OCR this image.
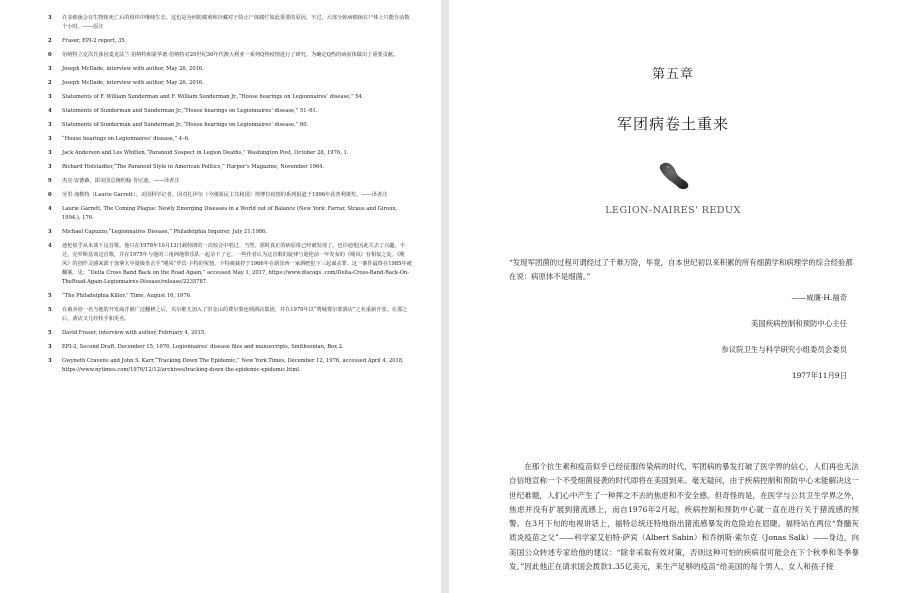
3	许多细菌会在生物体死亡后的组织中继续生长。这也是为何防腐剂和冷藏对于防止尸体腐烂如此重要的原因。不过，大部分致病细菌在尸体上只能存活数个小时。——原注
2	Fraser, EPI-2 report, 35.
0	伯纳特立克次氏体因麦克法兰·伯纳特和霍华德·伯纳特对20世纪30年代澳大利亚一系列Q热疫情进行了研究。为确定Q热的病原体做出了重要贡献。
3	Joseph McDade, interview with author, May 26, 2016.
2	Joseph McDade, interview with author, May 26, 2016.
3	Statements of F. William Sunderman and F. William Sunderman Jr.,“House hearings on Legionnaires’ disease,” 54.
4	Statements of Sunderman and Sunderman Jr.,“House hearings on Legionnaires’ disease,” 51–61.
3	Statements of Sunderman and Sunderman Jr.,“House hearings on Legionnaires’ disease,” 60.
3	“House hearings on Legionnaires’ disease,” 4–6.
3	Jack Anderson and Les Whitten,“Paranoid Suspect in Legion Deaths,” Washington Post, October 28, 1976, 1.
3	Richard Hofstadter,“The Paranoid Style in American Politics,” Harper’s Magazine, November 1964.
9	杰克·安德森，即美国总统约翰·肯尼迪。——译者注
0	劳里·加勒特（Laurie Garrett），美国科学记者。因对扎伊尔（今刚果民主共和国）埃博拉疫情的系列报道于1996年获普利策奖。——译者注
4	Laurie Garrett, The Coming Plague: Newly Emerging Diseases in a World out of Balance (New York: Farrar, Straus and Giroux, 1994.), 176.
3	Michael Capuzzo,“Legionnaires Disease,” Philadelphia Inquirer, July 21,1986.
4	迪伦似乎从未谈下这首歌。他只在1978年10月13日载特朗的一次校音中唱过。当然，那时真正的病原体已经被发现了。也许迪伦因此失去了兴趣。不过，克罗斯基欢这首歌，并在1975年与他的三角洲地带乐队一起录下了它。一些作者认为这首歌的旋律与迪伦前一年发布的《飓风》有相似之处。《飓风》的创作灵感来源于加拿大中量级拳击手“飓风”罗宾·卡特的冤情。卡特被裁控于1966年在新泽西一家酒吧犯下三起谋杀罪。这一案件最终在1985年被翻案。见：“Delta Cross Band Back on the Road Again,” accessed May 1, 2017, https://www.discogs .com/Delta-Cross-Band-Back-On-TheRoad-Again-Legionnaires-Disease/release/2235787.
5	“The Philadelphia Killer,” Time, August 16, 1976.
5	在被卖给一名当地的开发商并被广泛翻修之后，贝尔维尤加入了旧金山的费尔蒙连锁酒店集团，并在1979年以“费城费尔蒙酒店”之名重新开张。在那之后，酒店又几经转手和更名。
5	David Fraser, interview with author, February 4, 2015.
3	EPI-2, Second Draft, December 15, 1976, Legionnaires’ disease files and manuscripts, Smithsonian, Box 2.
3	Gwyneth Cravens and John S. Karr,“Tracking Down The Epidemic,” New York Times, December 12, 1976, accessed April 4, 2018, https://www.nytimes.com/1976/12/12/archives/tracking-down-the-epidemic-epidemic.html.
第五章
军团病卷土重来
LEGION-NAIRES' REDUX
“发现军团菌的过程可谓经过了千难万险，毕竟，自本世纪初以来积累的所有细菌学和病理学的综合经验都在说：病原体不是细菌。”
——威廉·H.福奇
美国疾病控制和预防中心主任
参议院卫生与科学研究小组委员会委员
1977年11月9日
在那个抗生素和疫苗似乎已经征服传染病的时代，军团病的暴发打破了医学界的信心，人们再也无法自信地宣称一个不受细菌侵袭的时代即将在美国到来。毫无疑问，由于疾病控制和预防中心未能解决这一世纪难题，人们心中产生了一种挥之不去的焦虑和不安全感。但奇怪的是，在医学与公共卫生学界之外，焦虑并没有扩展到猪流感上，而自1976年2月起，疾病控制和预防中心就一直在进行关于猪流感的预警。在3月下旬的电视讲话上，福特总统还特地指出猪流感暴发的危险迫在眉睫。福特站在两位“脊髓灰质炎疫苗之父”——科学家艾伯特·萨宾（Albert Sabin）和乔纳斯·索尔克（Jonas Salk）——身边，向美国公众转述专家给他的建议：“除非采取有效对策，否则这种可怕的疾病很可能会在下个秋季和冬季暴发。”因此他正在请求国会拨款1.35亿美元，来生产足够的疫苗“给美国的每个男人、女人和孩子接
